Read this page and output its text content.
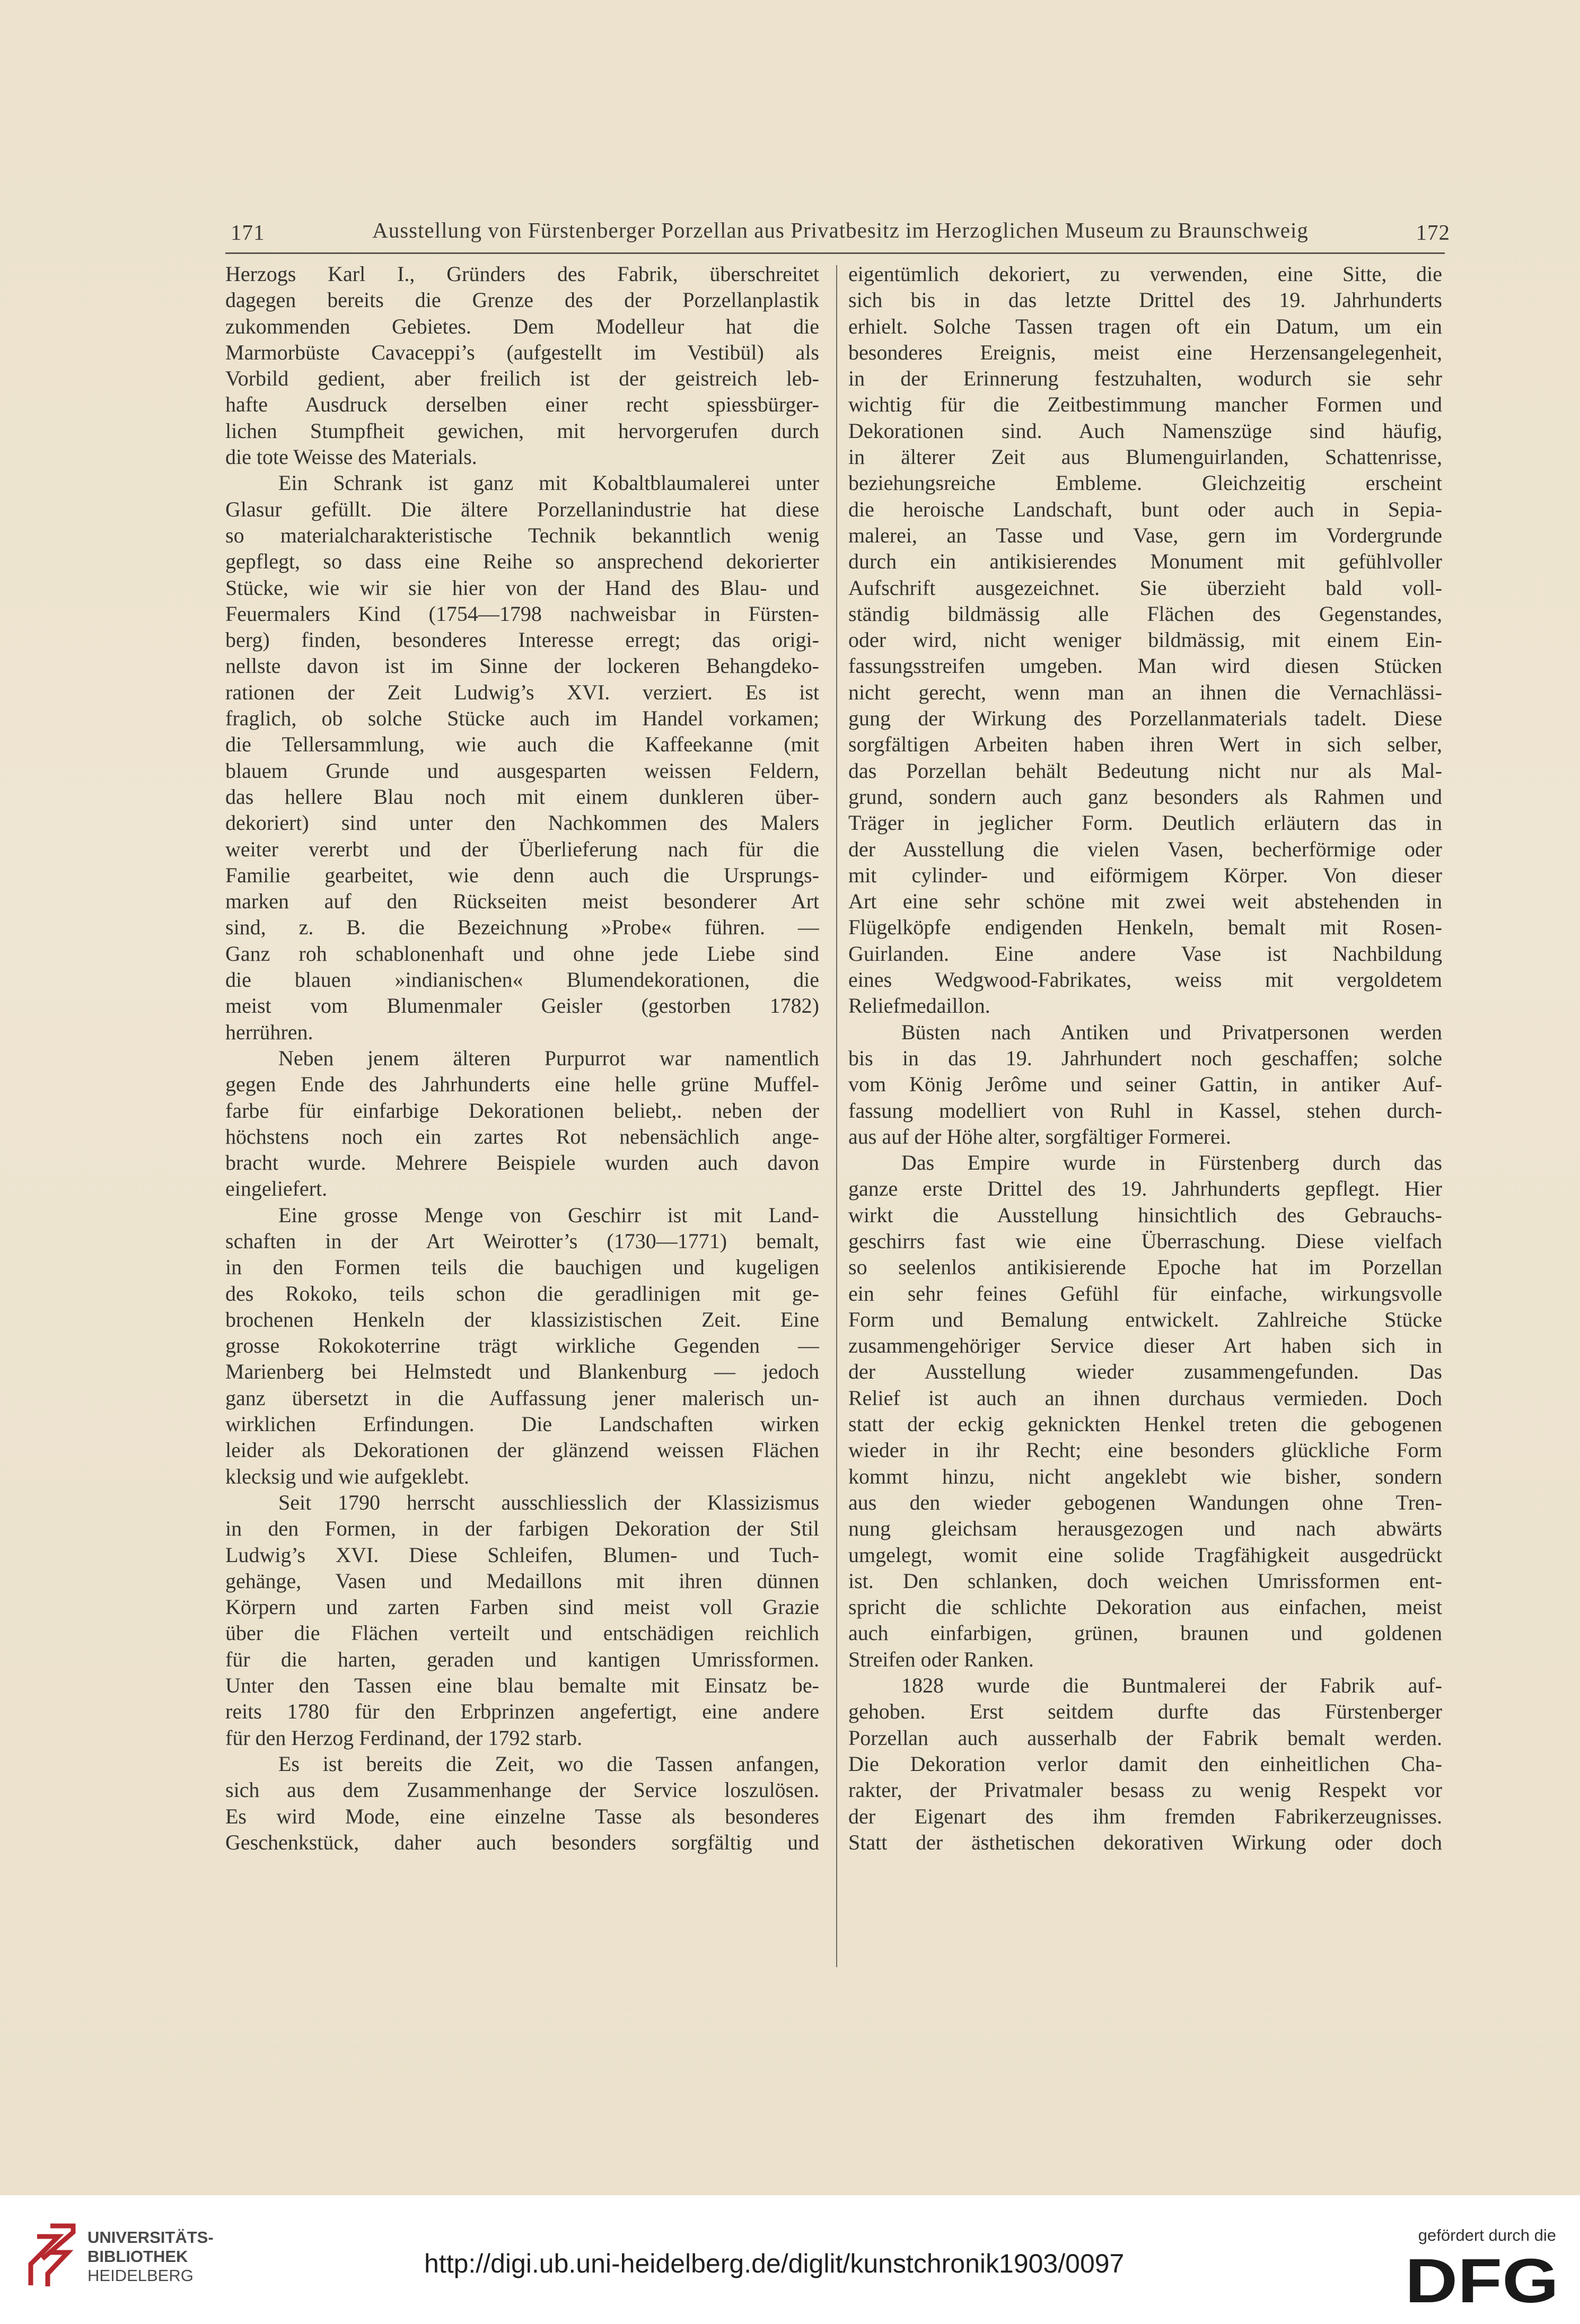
171	Ausstellung von Fürstenberger Porzellan aus Privatbesitz im Herzoglichen Museum zu Braunschweig	172
Herzogs Karl I., Gründers des Fabrik, überschreitet
dagegen bereits die Grenze des der Porzellanplastik
zukommenden Gebietes. Dem Modelleur hat die
Marmorbüste Cavaceppi’s (aufgestellt im Vestibül) als
Vorbild gedient, aber freilich ist der geistreich leb-
hafte Ausdruck derselben einer recht spiessbürger-
lichen Stumpfheit gewichen, mit hervorgerufen durch
die tote Weisse des Materials.
Ein Schrank ist ganz mit Kobaltblaumalerei unter
Glasur gefüllt. Die ältere Porzellanindustrie hat diese
so materialcharakteristische Technik bekanntlich wenig
gepflegt, so dass eine Reihe so ansprechend dekorierter
Stücke, wie wir sie hier von der Hand des Blau- und
Feuermalers Kind (1754—1798 nachweisbar in Fürsten-
berg) finden, besonderes Interesse erregt; das origi-
nellste davon ist im Sinne der lockeren Behangdeko-
rationen der Zeit Ludwig’s XVI. verziert. Es ist
fraglich, ob solche Stücke auch im Handel vorkamen;
die Tellersammlung, wie auch die Kaffeekanne (mit
blauem Grunde und ausgesparten weissen Feldern,
das hellere Blau noch mit einem dunkleren über-
dekoriert) sind unter den Nachkommen des Malers
weiter vererbt und der Überlieferung nach für die
Familie gearbeitet, wie denn auch die Ursprungs-
marken auf den Rückseiten meist besonderer Art
sind, z. B. die Bezeichnung »Probe« führen. —
Ganz roh schablonenhaft und ohne jede Liebe sind
die blauen »indianischen« Blumendekorationen, die
meist vom Blumenmaler Geisler (gestorben 1782)
herrühren.
Neben jenem älteren Purpurrot war namentlich
gegen Ende des Jahrhunderts eine helle grüne Muffel-
farbe für einfarbige Dekorationen beliebt,. neben der
höchstens noch ein zartes Rot nebensächlich ange-
bracht wurde. Mehrere Beispiele wurden auch davon
eingeliefert.
Eine grosse Menge von Geschirr ist mit Land-
schaften in der Art Weirotter’s (1730—1771) bemalt,
in den Formen teils die bauchigen und kugeligen
des Rokoko, teils schon die geradlinigen mit ge-
brochenen Henkeln der klassizistischen Zeit. Eine
grosse Rokokoterrine trägt wirkliche Gegenden —
Marienberg bei Helmstedt und Blankenburg — jedoch
ganz übersetzt in die Auffassung jener malerisch un-
wirklichen Erfindungen. Die Landschaften wirken
leider als Dekorationen der glänzend weissen Flächen
klecksig und wie aufgeklebt.
Seit 1790 herrscht ausschliesslich der Klassizismus
in den Formen, in der farbigen Dekoration der Stil
Ludwig’s XVI. Diese Schleifen, Blumen- und Tuch-
gehänge, Vasen und Medaillons mit ihren dünnen
Körpern und zarten Farben sind meist voll Grazie
über die Flächen verteilt und entschädigen reichlich
für die harten, geraden und kantigen Umrissformen.
Unter den Tassen eine blau bemalte mit Einsatz be-
reits 1780 für den Erbprinzen angefertigt, eine andere
für den Herzog Ferdinand, der 1792 starb.
Es ist bereits die Zeit, wo die Tassen anfangen,
sich aus dem Zusammenhange der Service loszulösen.
Es wird Mode, eine einzelne Tasse als besonderes
Geschenkstück, daher auch besonders sorgfältig und
eigentümlich dekoriert, zu verwenden, eine Sitte, die
sich bis in das letzte Drittel des 19. Jahrhunderts
erhielt. Solche Tassen tragen oft ein Datum, um ein
besonderes Ereignis, meist eine Herzensangelegenheit,
in der Erinnerung festzuhalten, wodurch sie sehr
wichtig für die Zeitbestimmung mancher Formen und
Dekorationen sind. Auch Namenszüge sind häufig,
in älterer Zeit aus Blumenguirlanden, Schattenrisse,
beziehungsreiche Embleme. Gleichzeitig erscheint
die heroische Landschaft, bunt oder auch in Sepia-
malerei, an Tasse und Vase, gern im Vordergrunde
durch ein antikisierendes Monument mit gefühlvoller
Aufschrift ausgezeichnet. Sie überzieht bald voll-
ständig bildmässig alle Flächen des Gegenstandes,
oder wird, nicht weniger bildmässig, mit einem Ein-
fassungsstreifen umgeben. Man wird diesen Stücken
nicht gerecht, wenn man an ihnen die Vernachlässi-
gung der Wirkung des Porzellanmaterials tadelt. Diese
sorgfältigen Arbeiten haben ihren Wert in sich selber,
das Porzellan behält Bedeutung nicht nur als Mal-
grund, sondern auch ganz besonders als Rahmen und
Träger in jeglicher Form. Deutlich erläutern das in
der Ausstellung die vielen Vasen, becherförmige oder
mit cylinder- und eiförmigem Körper. Von dieser
Art eine sehr schöne mit zwei weit abstehenden in
Flügelköpfe endigenden Henkeln, bemalt mit Rosen-
Guirlanden. Eine andere Vase ist Nachbildung
eines Wedgwood-Fabrikates, weiss mit vergoldetem
Reliefmedaillon.
Büsten nach Antiken und Privatpersonen werden
bis in das 19. Jahrhundert noch geschaffen; solche
vom König Jerôme und seiner Gattin, in antiker Auf-
fassung modelliert von Ruhl in Kassel, stehen durch-
aus auf der Höhe alter, sorgfältiger Formerei.
Das Empire wurde in Fürstenberg durch das
ganze erste Drittel des 19. Jahrhunderts gepflegt. Hier
wirkt die Ausstellung hinsichtlich des Gebrauchs-
geschirrs fast wie eine Überraschung. Diese vielfach
so seelenlos antikisierende Epoche hat im Porzellan
ein sehr feines Gefühl für einfache, wirkungsvolle
Form und Bemalung entwickelt. Zahlreiche Stücke
zusammengehöriger Service dieser Art haben sich in
der Ausstellung wieder zusammengefunden. Das
Relief ist auch an ihnen durchaus vermieden. Doch
statt der eckig geknickten Henkel treten die gebogenen
wieder in ihr Recht; eine besonders glückliche Form
kommt hinzu, nicht angeklebt wie bisher, sondern
aus den wieder gebogenen Wandungen ohne Tren-
nung gleichsam herausgezogen und nach abwärts
umgelegt, womit eine solide Tragfähigkeit ausgedrückt
ist. Den schlanken, doch weichen Umrissformen ent-
spricht die schlichte Dekoration aus einfachen, meist
auch einfarbigen, grünen, braunen und goldenen
Streifen oder Ranken.
1828 wurde die Buntmalerei der Fabrik auf-
gehoben. Erst seitdem durfte das Fürstenberger
Porzellan auch ausserhalb der Fabrik bemalt werden.
Die Dekoration verlor damit den einheitlichen Cha-
rakter, der Privatmaler besass zu wenig Respekt vor
der Eigenart des ihm fremden Fabrikerzeugnisses.
Statt der ästhetischen dekorativen Wirkung oder doch
UNIVERSITÄTS-
BIBLIOTHEK
HEIDELBERG	http://digi.ub.uni-heidelberg.de/diglit/kunstchronik1903/0097
gefördert durch die
DFG
